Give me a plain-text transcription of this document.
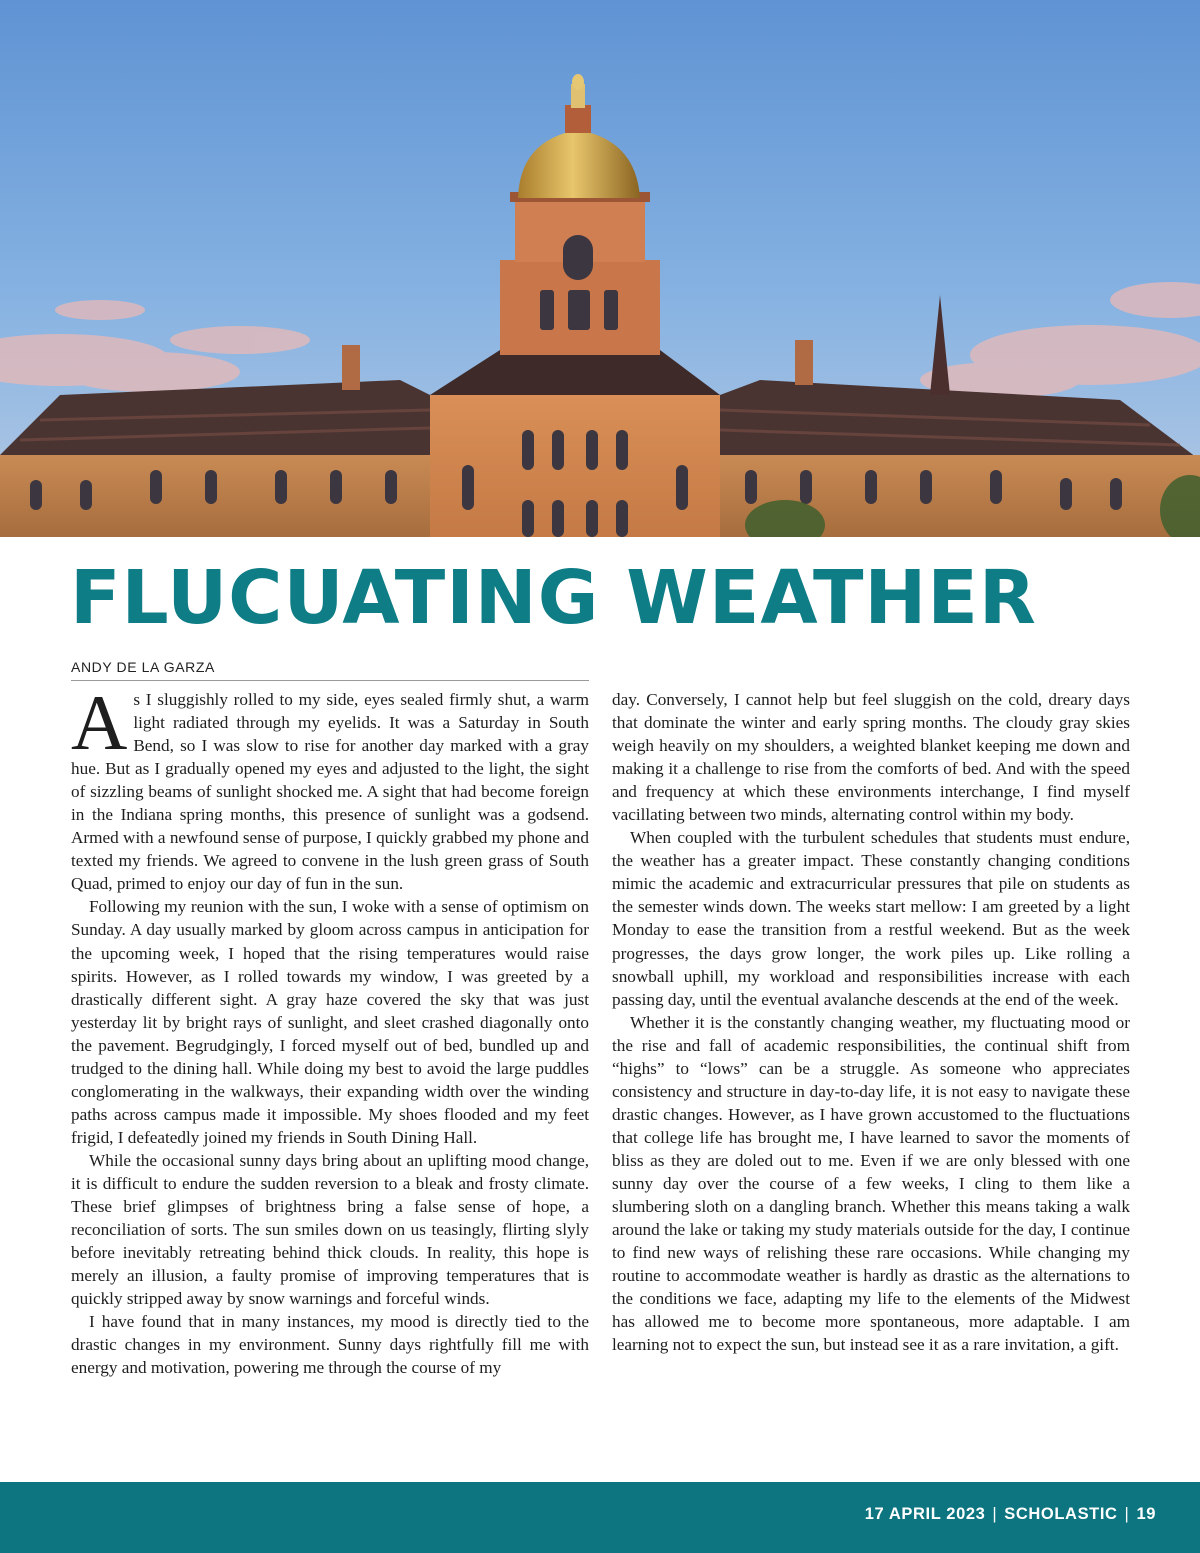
FLUCUATING WEATHER
ANDY DE LA GARZA

As I sluggishly rolled to my side, eyes sealed firmly shut, a warm light radiated through my eyelids. It was a Saturday in South Bend, so I was slow to rise for another day marked with a gray hue. But as I gradually opened my eyes and adjusted to the light, the sight of sizzling beams of sunlight shocked me. A sight that had become foreign in the Indiana spring months, this presence of sunlight was a godsend. Armed with a newfound sense of purpose, I quickly grabbed my phone and texted my friends. We agreed to convene in the lush green grass of South Quad, primed to enjoy our day of fun in the sun.

Following my reunion with the sun, I woke with a sense of optimism on Sunday. A day usually marked by gloom across campus in anticipation for the upcoming week, I hoped that the rising temperatures would raise spirits. However, as I rolled towards my window, I was greeted by a drastically different sight. A gray haze covered the sky that was just yesterday lit by bright rays of sunlight, and sleet crashed diagonally onto the pavement. Begrudgingly, I forced myself out of bed, bundled up and trudged to the dining hall. While doing my best to avoid the large puddles conglomerating in the walkways, their expanding width over the winding paths across campus made it impossible. My shoes flooded and my feet frigid, I defeatedly joined my friends in South Dining Hall.

While the occasional sunny days bring about an uplifting mood change, it is difficult to endure the sudden reversion to a bleak and frosty climate. These brief glimpses of brightness bring a false sense of hope, a reconciliation of sorts. The sun smiles down on us teasingly, flirting slyly before inevitably retreating behind thick clouds. In reality, this hope is merely an illusion, a faulty promise of improving temperatures that is quickly stripped away by snow warnings and forceful winds.

I have found that in many instances, my mood is directly tied to the drastic changes in my environment. Sunny days rightfully fill me with energy and motivation, powering me through the course of my

day. Conversely, I cannot help but feel sluggish on the cold, dreary days that dominate the winter and early spring months. The cloudy gray skies weigh heavily on my shoulders, a weighted blanket keeping me down and making it a challenge to rise from the comforts of bed. And with the speed and frequency at which these environments interchange, I find myself vacillating between two minds, alternating control within my body.

When coupled with the turbulent schedules that students must endure, the weather has a greater impact. These constantly changing conditions mimic the academic and extracurricular pressures that pile on students as the semester winds down. The weeks start mellow: I am greeted by a light Monday to ease the transition from a restful weekend. But as the week progresses, the days grow longer, the work piles up. Like rolling a snowball uphill, my workload and responsibilities increase with each passing day, until the eventual avalanche descends at the end of the week.

Whether it is the constantly changing weather, my fluctuating mood or the rise and fall of academic responsibilities, the continual shift from “highs” to “lows” can be a struggle. As someone who appreciates consistency and structure in day-to-day life, it is not easy to navigate these drastic changes. However, as I have grown accustomed to the fluctuations that college life has brought me, I have learned to savor the moments of bliss as they are doled out to me. Even if we are only blessed with one sunny day over the course of a few weeks, I cling to them like a slumbering sloth on a dangling branch. Whether this means taking a walk around the lake or taking my study materials outside for the day, I continue to find new ways of relishing these rare occasions. While changing my routine to accommodate weather is hardly as drastic as the alternations to the conditions we face, adapting my life to the elements of the Midwest has allowed me to become more spontaneous, more adaptable. I am learning not to expect the sun, but instead see it as a rare invitation, a gift.

17 APRIL 2023 | SCHOLASTIC | 19
